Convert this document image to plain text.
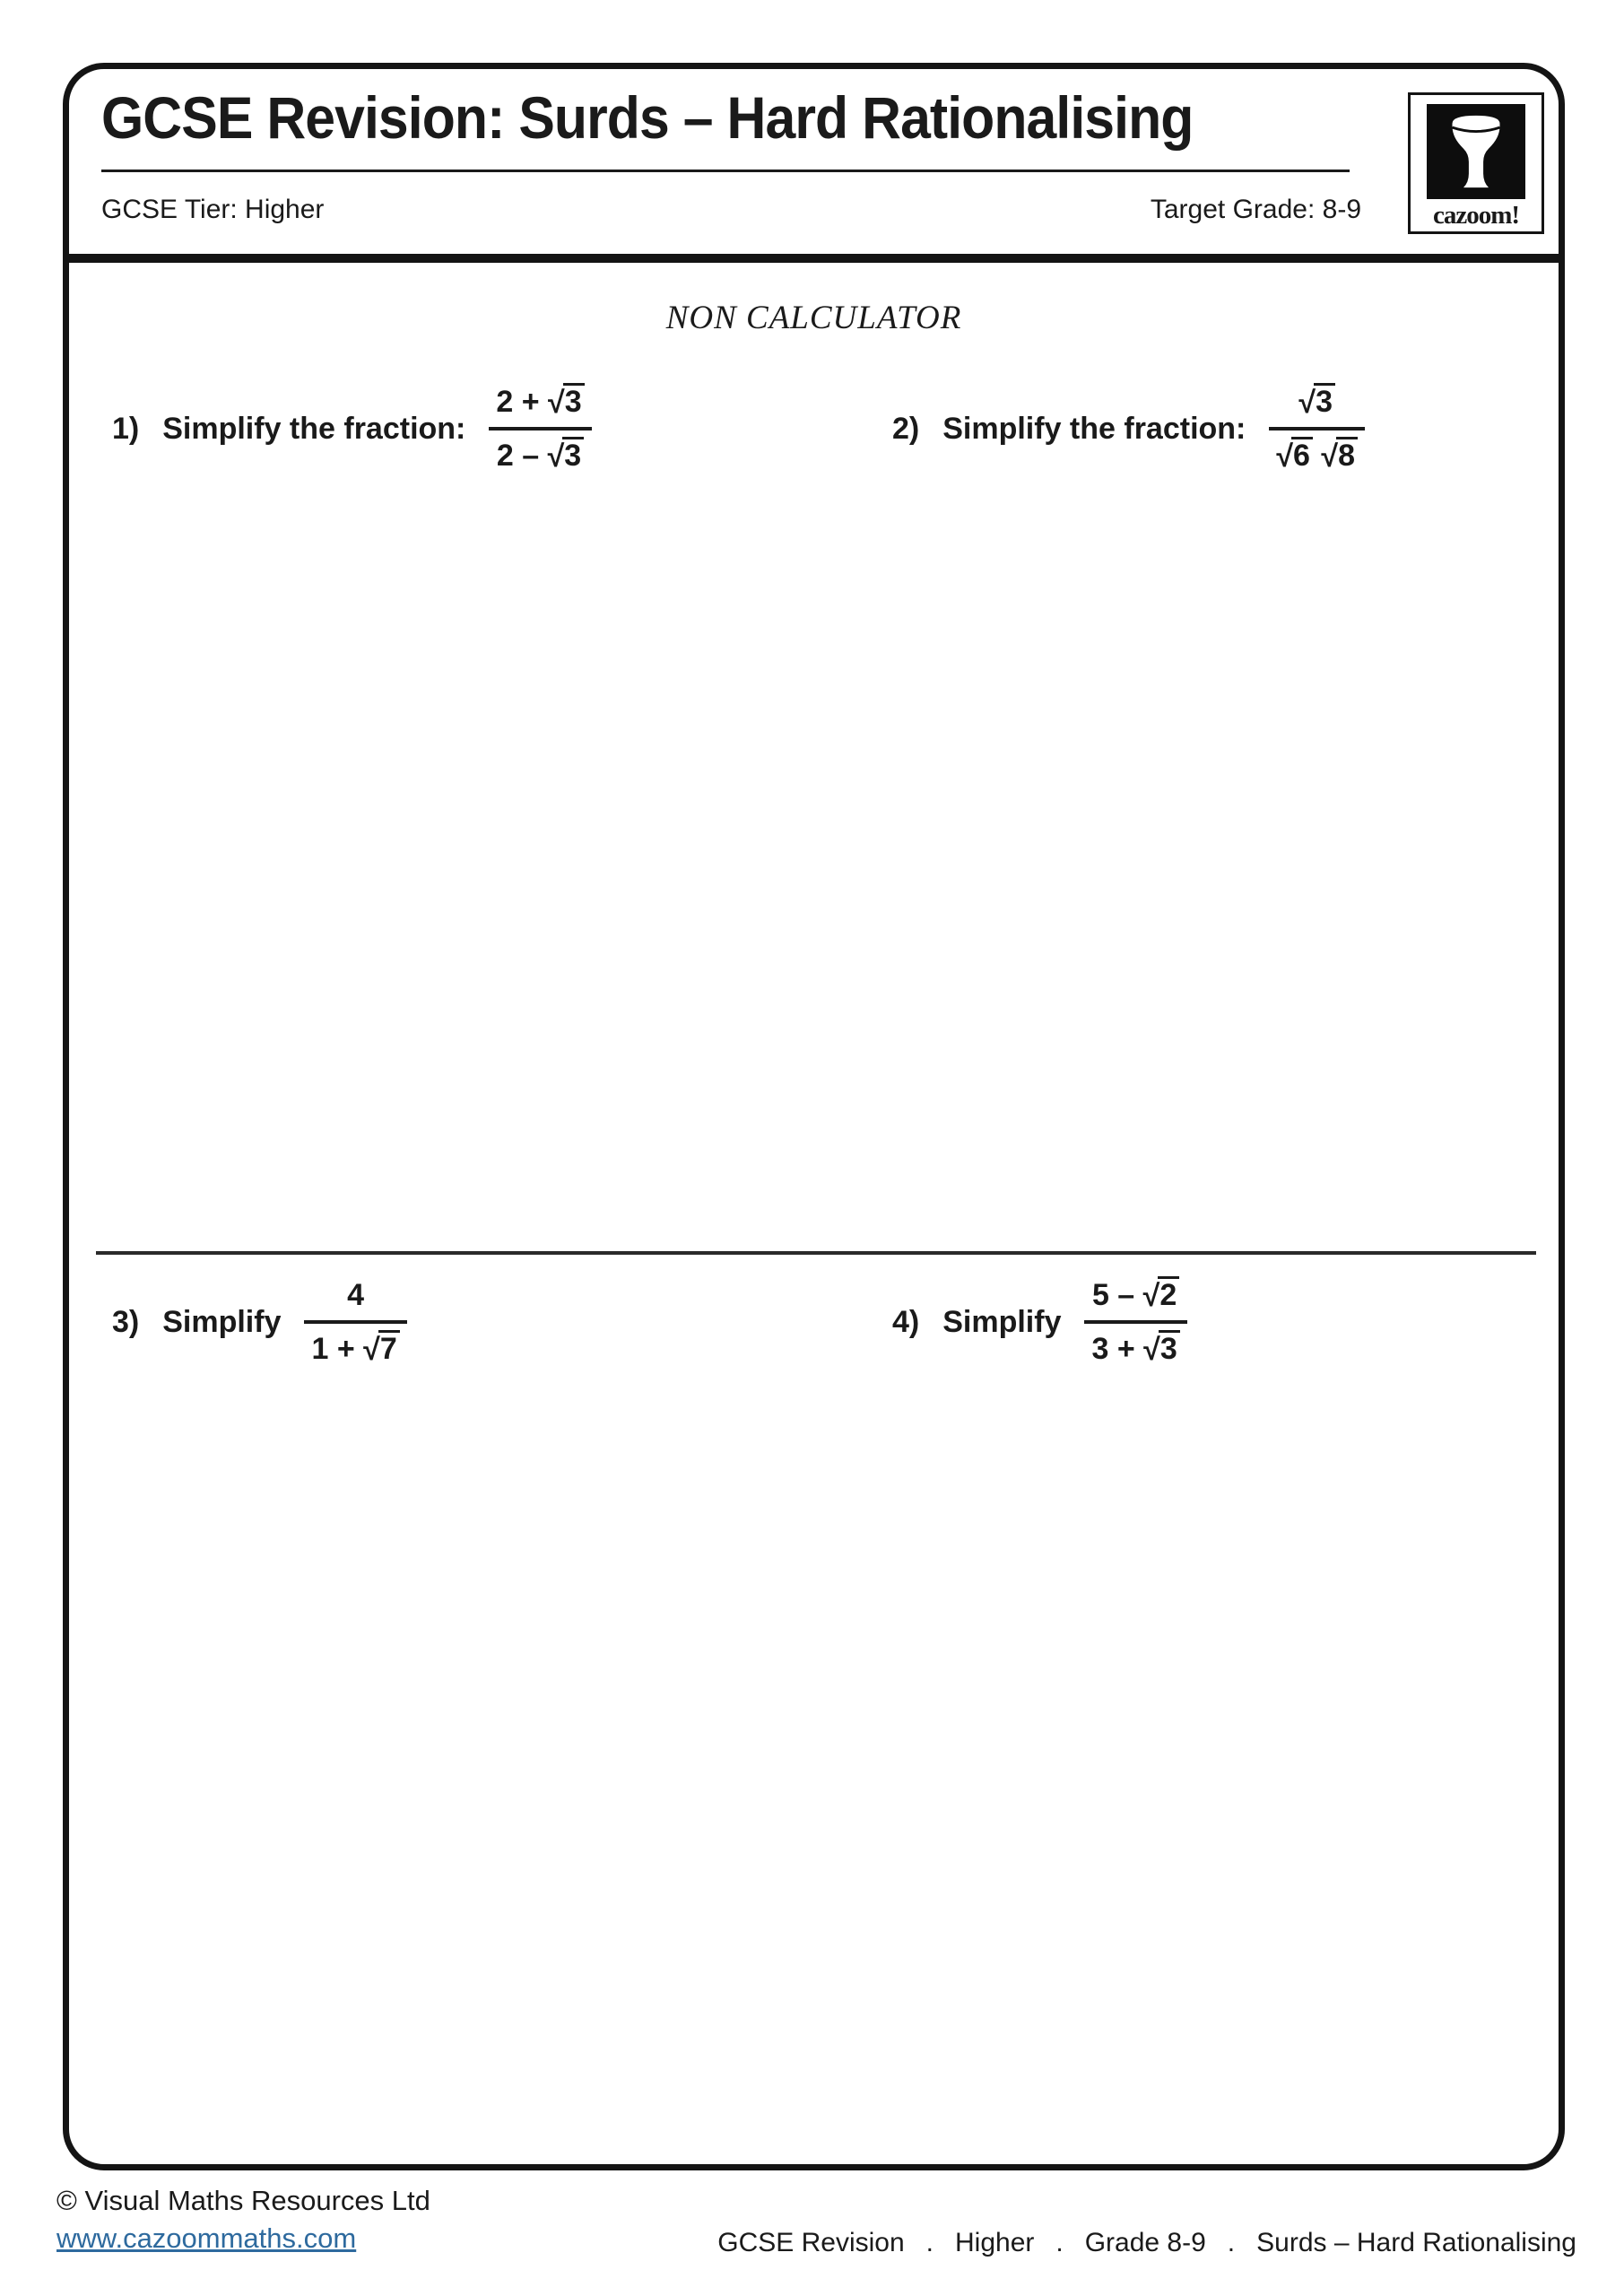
GCSE Revision: Surds – Hard Rationalising
GCSE Tier: Higher	Target Grade: 8-9	cazoom!
NON CALCULATOR
1) Simplify the fraction: $\frac{2 + √3}{2 - √3}$	2) Simplify the fraction: $\frac{√3}{√6 √8}$
3) Simplify $\frac{4}{1 + √7}$	4) Simplify $\frac{5 - √2}{3 + √3}$
© Visual Maths Resources Ltd
www.cazoommaths.com	GCSE Revision . Higher . Grade 8-9 . Surds – Hard Rationalising
